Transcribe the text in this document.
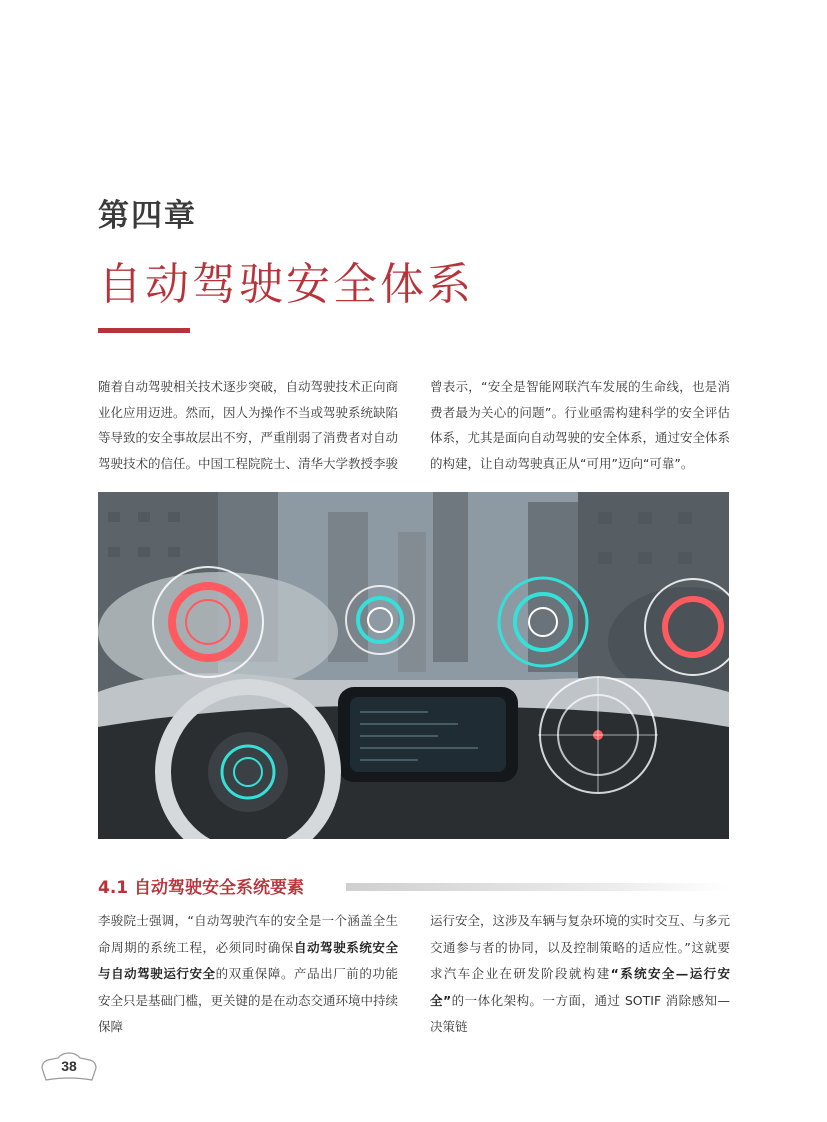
第四章
自动驾驶安全体系
随着自动驾驶相关技术逐步突破，自动驾驶技术正向商业化应用迈进。然而，因人为操作不当或驾驶系统缺陷等导致的安全事故层出不穷，严重削弱了消费者对自动驾驶技术的信任。中国工程院院士、清华大学教授李骏
曾表示，“安全是智能网联汽车发展的生命线，也是消费者最为关心的问题”。行业亟需构建科学的安全评估体系，尤其是面向自动驾驶的安全体系，通过安全体系的构建，让自动驾驶真正从“可用”迈向“可靠”。
4.1 自动驾驶安全系统要素
李骏院士强调，“自动驾驶汽车的安全是一个涵盖全生命周期的系统工程，必须同时确保自动驾驶系统安全与自动驾驶运行安全的双重保障。产品出厂前的功能安全只是基础门槛，更关键的是在动态交通环境中持续保障
运行安全，这涉及车辆与复杂环境的实时交互、与多元交通参与者的协同，以及控制策略的适应性。”这就要求汽车企业在研发阶段就构建“系统安全—运行安全”的一体化架构。一方面，通过 SOTIF 消除感知—决策链
38
